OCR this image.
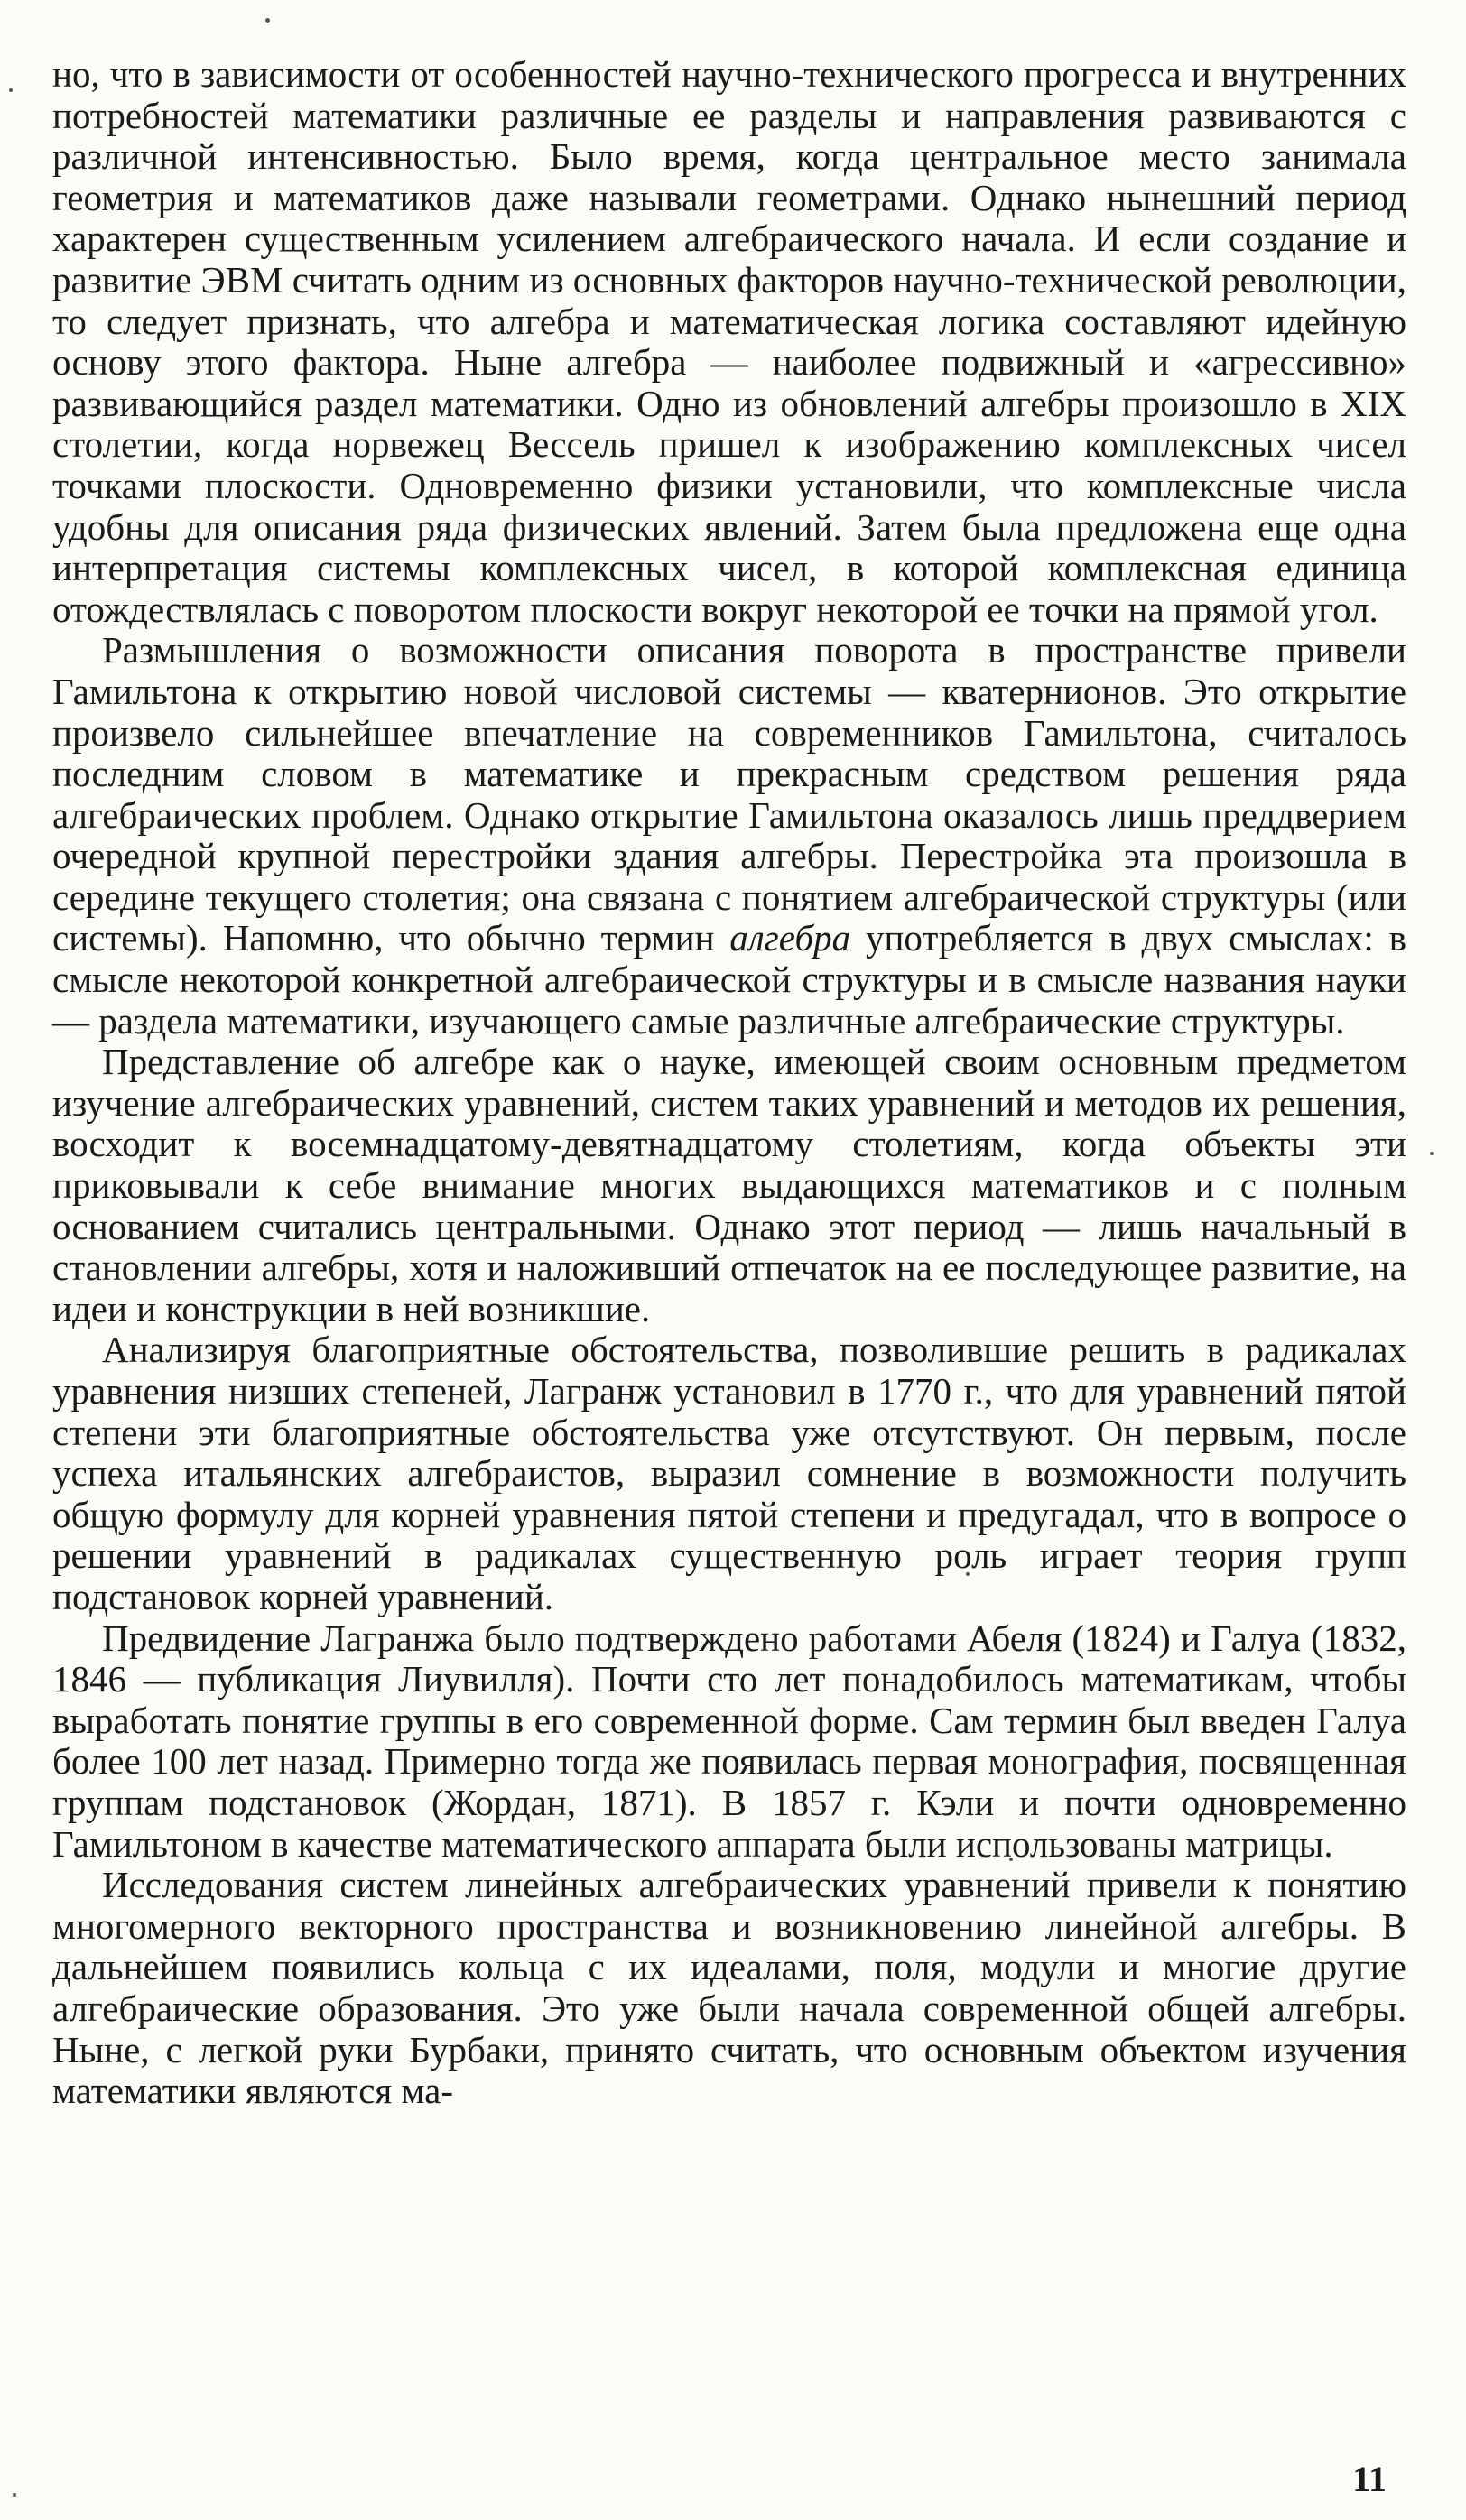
но, что в зависимости от особенностей научно-технического прогресса и внутренних потребностей математики различные ее разделы и направления развиваются с различной интенсивностью. Было время, когда центральное место занимала геометрия и математиков даже называли геометрами. Однако нынешний период характерен существенным усилением алгебраического начала. И если создание и развитие ЭВМ считать одним из основных факторов научно-технической революции, то следует признать, что алгебра и математическая логика составляют идейную основу этого фактора. Ныне алгебра — наиболее подвижный и «агрессивно» развивающийся раздел математики. Одно из обновлений алгебры произошло в XIX столетии, когда норвежец Вессель пришел к изображению комплексных чисел точками плоскости. Одновременно физики установили, что комплексные числа удобны для описания ряда физических явлений. Затем была предложена еще одна интерпретация системы комплексных чисел, в которой комплексная единица отождествлялась с поворотом плоскости вокруг некоторой ее точки на прямой угол.

Размышления о возможности описания поворота в пространстве привели Гамильтона к открытию новой числовой системы — кватернионов. Это открытие произвело сильнейшее впечатление на современников Гамильтона, считалось последним словом в математике и прекрасным средством решения ряда алгебраических проблем. Однако открытие Гамильтона оказалось лишь преддверием очередной крупной перестройки здания алгебры. Перестройка эта произошла в середине текущего столетия; она связана с понятием алгебраической структуры (или системы). Напомню, что обычно термин алгебра употребляется в двух смыслах: в смысле некоторой конкретной алгебраической структуры и в смысле названия науки — раздела математики, изучающего самые различные алгебраические структуры.

Представление об алгебре как о науке, имеющей своим основным предметом изучение алгебраических уравнений, систем таких уравнений и методов их решения, восходит к восемнадцатому-девятнадцатому столетиям, когда объекты эти приковывали к себе внимание многих выдающихся математиков и с полным основанием считались центральными. Однако этот период — лишь начальный в становлении алгебры, хотя и наложивший отпечаток на ее последующее развитие, на идеи и конструкции в ней возникшие.

Анализируя благоприятные обстоятельства, позволившие решить в радикалах уравнения низших степеней, Лагранж установил в 1770 г., что для уравнений пятой степени эти благоприятные обстоятельства уже отсутствуют. Он первым, после успеха итальянских алгебраистов, выразил сомнение в возможности получить общую формулу для корней уравнения пятой степени и предугадал, что в вопросе о решении уравнений в радикалах существенную роль играет теория групп подстановок корней уравнений.

Предвидение Лагранжа было подтверждено работами Абеля (1824) и Галуа (1832, 1846 — публикация Лиувилля). Почти сто лет понадобилось математикам, чтобы выработать понятие группы в его современной форме. Сам термин был введен Галуа более 100 лет назад. Примерно тогда же появилась первая монография, посвященная группам подстановок (Жордан, 1871). В 1857 г. Кэли и почти одновременно Гамильтоном в качестве математического аппарата были использованы матрицы.

Исследования систем линейных алгебраических уравнений привели к понятию многомерного векторного пространства и возникновению линейной алгебры. В дальнейшем появились кольца с их идеалами, поля, модули и многие другие алгебраические образования. Это уже были начала современной общей алгебры. Ныне, с легкой руки Бурбаки, принято считать, что основным объектом изучения математики являются ма-

11
